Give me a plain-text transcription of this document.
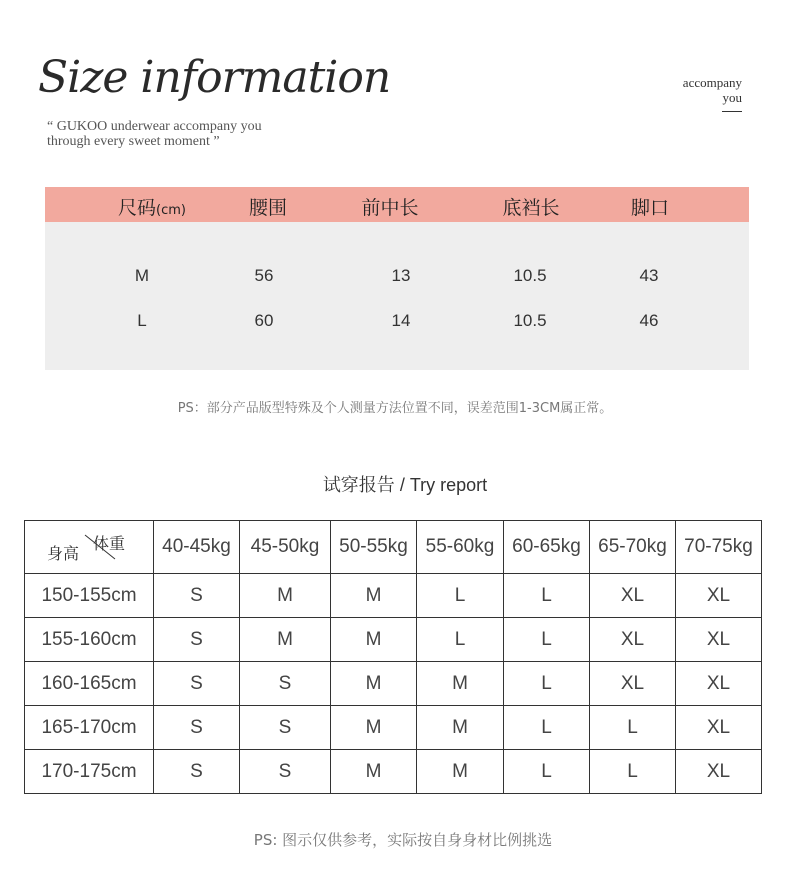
Size information
“ GUKOO underwear accompany you
through every sweet moment ”
accompany
you
尺码(cm)	腰围	前中长	底裆长	脚口
M	56	13	10.5	43
L	60	14	10.5	46
PS：部分产品版型特殊及个人测量方法位置不同，误差范围1-3CM属正常。
试穿报告 / Try report
身高
体重	40-45kg	45-50kg	50-55kg	55-60kg	60-65kg	65-70kg	70-75kg
150-155cm	S	M	M	L	L	XL	XL
155-160cm	S	M	M	L	L	XL	XL
160-165cm	S	S	M	M	L	XL	XL
165-170cm	S	S	M	M	L	L	XL
170-175cm	S	S	M	M	L	L	XL
PS: 图示仅供参考，实际按自身身材比例挑选
